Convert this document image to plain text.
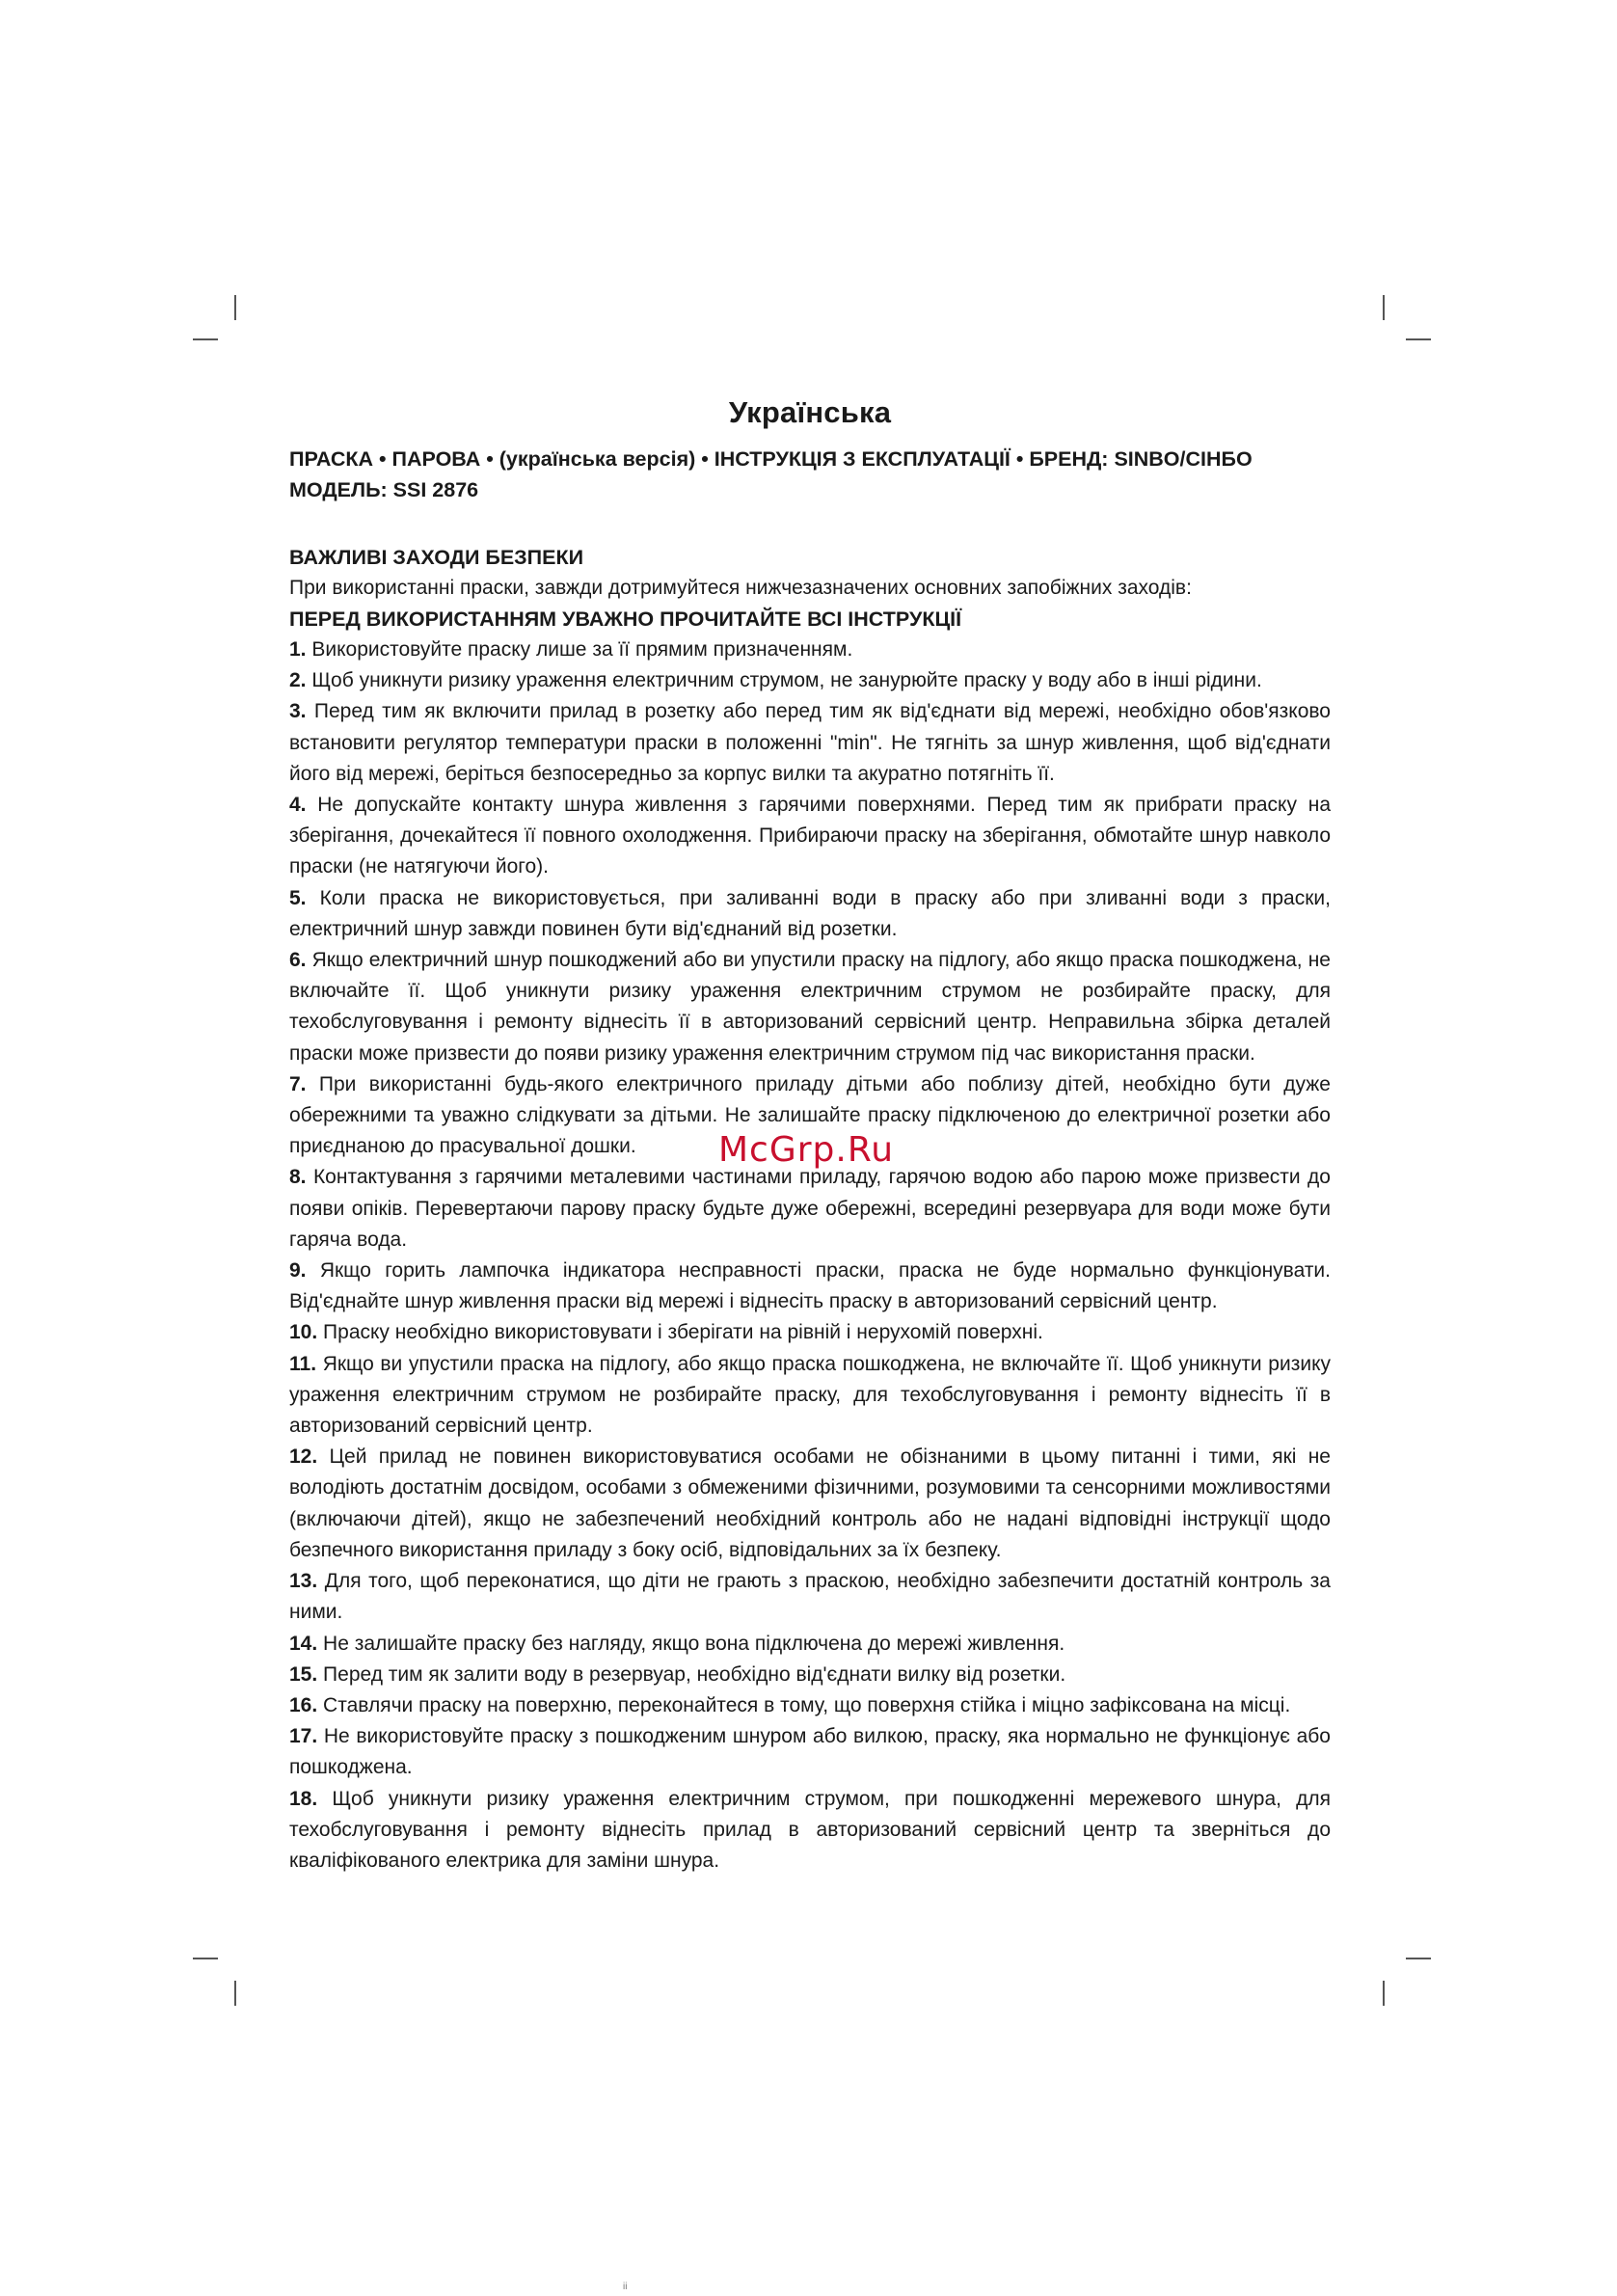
Українська

ПРАСКА • ПАРОВА • (українська версія) • ІНСТРУКЦІЯ З ЕКСПЛУАТАЦІЇ • БРЕНД: SINBO/СІНБО

МОДЕЛЬ: SSI 2876

ВАЖЛИВІ ЗАХОДИ БЕЗПЕКИ

При використанні праски, завжди дотримуйтеся нижчезазначених основних запобіжних заходів:

ПЕРЕД ВИКОРИСТАННЯМ УВАЖНО ПРОЧИТАЙТЕ ВСІ ІНСТРУКЦІЇ

1. Використовуйте праску лише за її прямим призначенням.
2. Щоб уникнути ризику ураження електричним струмом, не занурюйте праску у воду або в інші рідини.
3. Перед тим як включити прилад в розетку або перед тим як від'єднати від мережі, необхідно обов'язково встановити регулятор температури праски в положенні "min". Не тягніть за шнур живлення, щоб від'єднати його від мережі, беріться безпосередньо за корпус вилки та акуратно потягніть її.
4. Не допускайте контакту шнура живлення з гарячими поверхнями. Перед тим як прибрати праску на зберігання, дочекайтеся її повного охолодження. Прибираючи праску на зберігання, обмотайте шнур навколо праски (не натягуючи його).
5. Коли праска не використовується, при заливанні води в праску або при зливанні води з праски, електричний шнур завжди повинен бути від'єднаний від розетки.
6. Якщо електричний шнур пошкоджений або ви упустили праску на підлогу, або якщо праска пошкоджена, не включайте її. Щоб уникнути ризику ураження електричним струмом не розбирайте праску, для техобслуговування і ремонту віднесіть її в авторизований сервісний центр. Неправильна збірка деталей праски може призвести до появи ризику ураження електричним струмом під час використання праски.
7. При використанні будь-якого електричного приладу дітьми або поблизу дітей, необхідно бути дуже обережними та уважно слідкувати за дітьми. Не залишайте праску підключеною до електричної розетки або приєднаною до прасувальної дошки.
8. Контактування з гарячими металевими частинами приладу, гарячою водою або парою може призвести до появи опіків. Перевертаючи парову праску будьте дуже обережні, всередині резервуара для води може бути гаряча вода.
9. Якщо горить лампочка індикатора несправності праски, праска не буде нормально функціонувати. Від'єднайте шнур живлення праски від мережі і віднесіть праску в авторизований сервісний центр.
10. Праску необхідно використовувати і зберігати на рівній і нерухомій поверхні.
11. Якщо ви упустили праска на підлогу, або якщо праска пошкоджена, не включайте її. Щоб уникнути ризику ураження електричним струмом не розбирайте праску, для техобслуговування і ремонту віднесіть її в авторизований сервісний центр.
12. Цей прилад не повинен використовуватися особами не обізнаними в цьому питанні і тими, які не володіють достатнім досвідом, особами з обмеженими фізичними, розумовими та сенсорними можливостями (включаючи дітей), якщо не забезпечений необхідний контроль або не надані відповідні інструкції щодо безпечного використання приладу з боку осіб, відповідальних за їх безпеку.
13. Для того, щоб переконатися, що діти не грають з праскою, необхідно забезпечити достатній контроль за ними.
14. Не залишайте праску без нагляду, якщо вона підключена до мережі живлення.
15. Перед тим як залити воду в резервуар, необхідно від'єднати вилку від розетки.
16. Ставлячи праску на поверхню, переконайтеся в тому, що поверхня стійка і міцно зафіксована на місці.
17. Не використовуйте праску з пошкодженим шнуром або вилкою, праску, яка нормально не функціонує або пошкоджена.
18. Щоб уникнути ризику ураження електричним струмом, при пошкодженні мережевого шнура, для техобслуговування і ремонту віднесіть прилад в авторизований сервісний центр та зверніться до кваліфікованого електрика для заміни шнура.
McGrp.Ru
ii
